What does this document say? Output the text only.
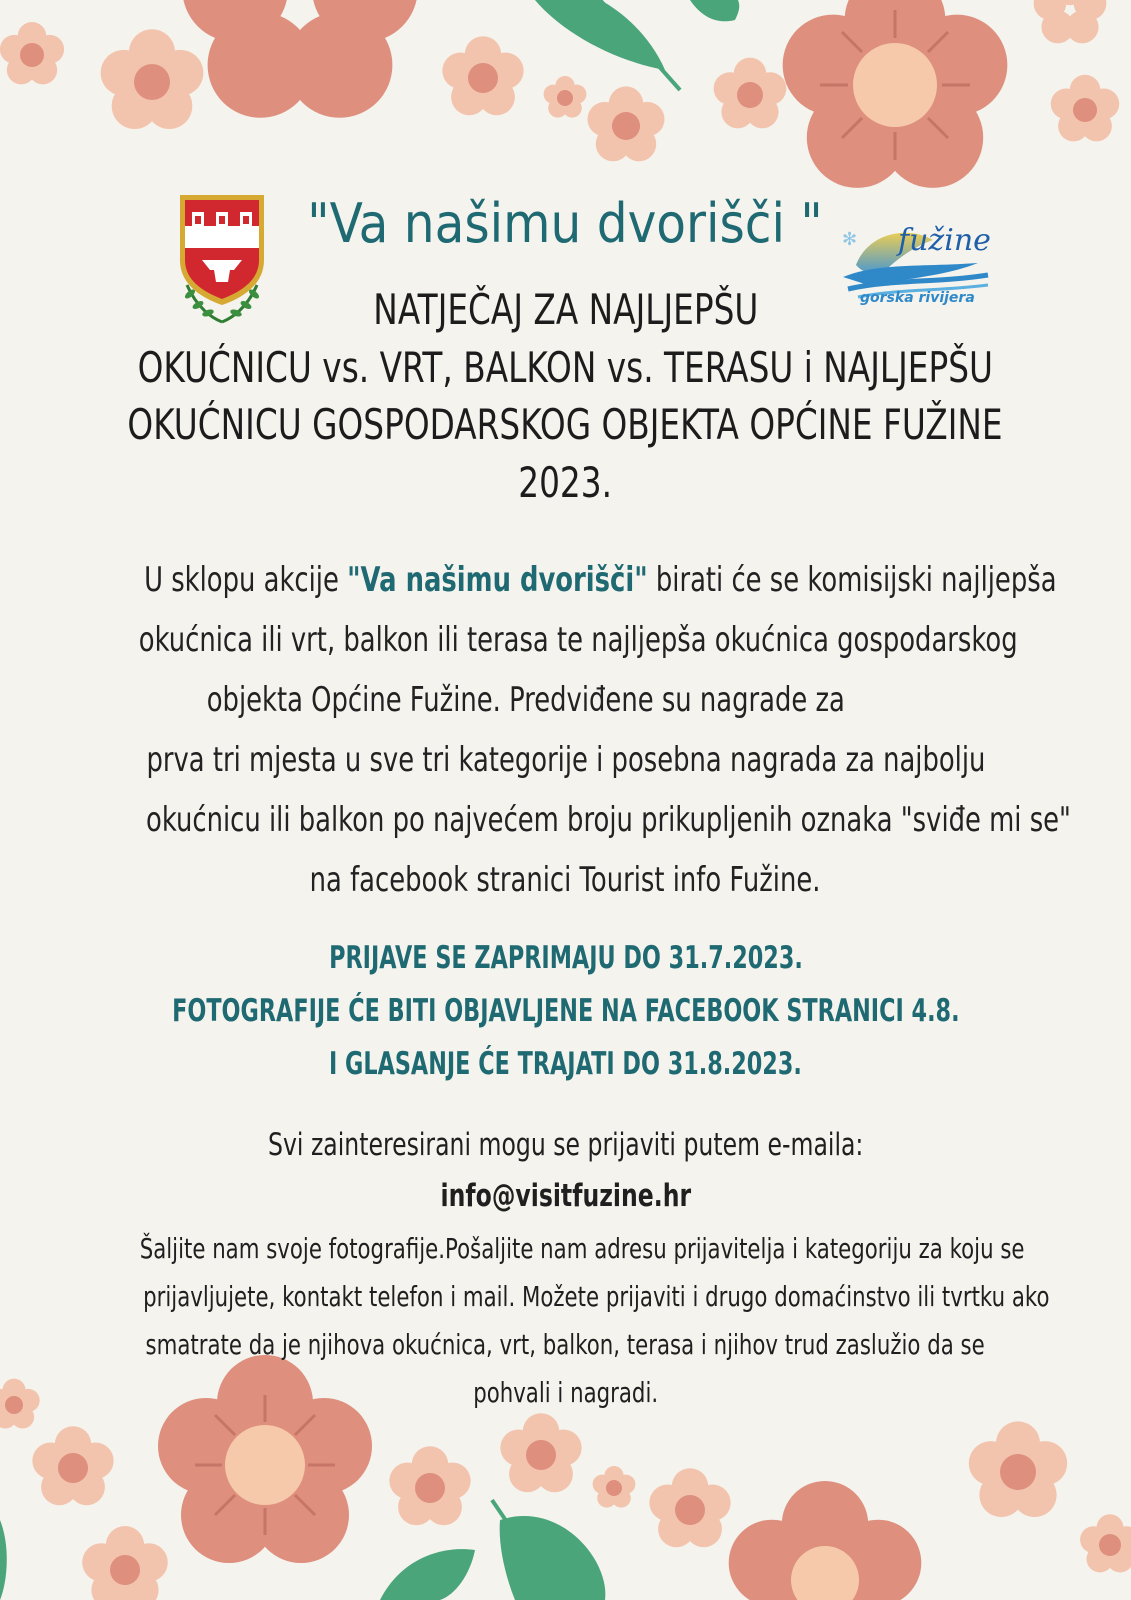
✻ fužine
gorska rivijera
"Va našimu dvorišči "
NATJEČAJ ZA NAJLJEPŠU
OKUĆNICU vs. VRT, BALKON vs. TERASU i NAJLJEPŠU
OKUĆNICU GOSPODARSKOG OBJEKTA OPĆINE FUŽINE
2023.
U sklopu akcije "Va našimu dvorišči" birati će se komisijski najljepša
okućnica ili vrt, balkon ili terasa te najljepša okućnica gospodarskog
objekta Općine Fužine. Predviđene su nagrade za
prva tri mjesta u sve tri kategorije i posebna nagrada za najbolju
okućnicu ili balkon po najvećem broju prikupljenih oznaka "sviđe mi se"
na facebook stranici Tourist info Fužine.
PRIJAVE SE ZAPRIMAJU DO 31.7.2023.
FOTOGRAFIJE ĆE BITI OBJAVLJENE NA FACEBOOK STRANICI 4.8.
I GLASANJE ĆE TRAJATI DO 31.8.2023.
Svi zainteresirani mogu se prijaviti putem e-maila:
info@visitfuzine.hr
Šaljite nam svoje fotografije.Pošaljite nam adresu prijavitelja i kategoriju za koju se
prijavljujete, kontakt telefon i mail. Možete prijaviti i drugo domaćinstvo ili tvrtku ako
smatrate da je njihova okućnica, vrt, balkon, terasa i njihov trud zaslužio da se
pohvali i nagradi.
